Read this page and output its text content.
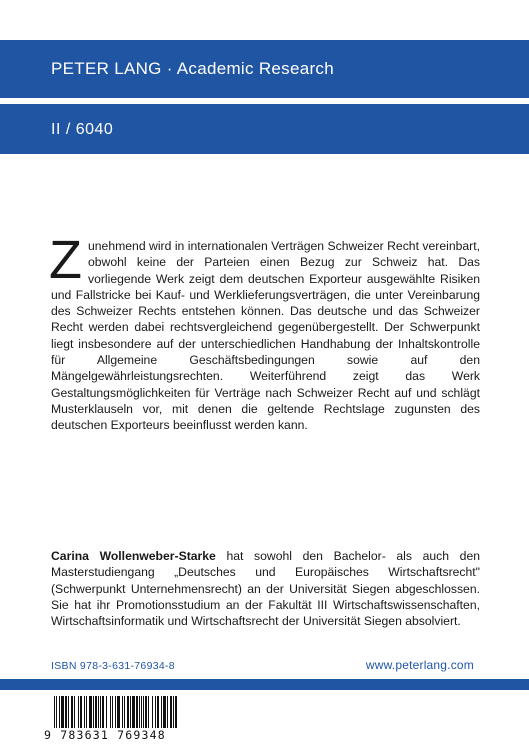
PETER LANG · Academic Research
II / 6040
Zunehmend wird in internationalen Verträgen Schweizer Recht vereinbart, obwohl keine der Parteien einen Bezug zur Schweiz hat. Das vorliegende Werk zeigt dem deutschen Exporteur ausgewählte Risiken und Fallstricke bei Kauf- und Werklieferungsverträgen, die unter Vereinbarung des Schweizer Rechts entstehen können. Das deutsche und das Schweizer Recht werden dabei rechtsvergleichend gegenübergestellt. Der Schwerpunkt liegt insbesondere auf der unterschiedlichen Handhabung der Inhaltskontrolle für Allgemeine Geschäftsbedingungen sowie auf den Mängelgewährleistungsrechten. Weiterführend zeigt das Werk Gestaltungsmöglichkeiten für Verträge nach Schweizer Recht auf und schlägt Musterklauseln vor, mit denen die geltende Rechtslage zugunsten des deutschen Exporteurs beeinflusst werden kann.
Carina Wollenweber-Starke hat sowohl den Bachelor- als auch den Masterstudiengang „Deutsches und Europäisches Wirtschaftsrecht" (Schwerpunkt Unternehmensrecht) an der Universität Siegen abgeschlossen. Sie hat ihr Promotionsstudium an der Fakultät III Wirtschaftswissenschaften, Wirtschaftsinformatik und Wirtschaftsrecht der Universität Siegen absolviert.
ISBN 978-3-631-76934-8	www.peterlang.com
9 783631 769348
